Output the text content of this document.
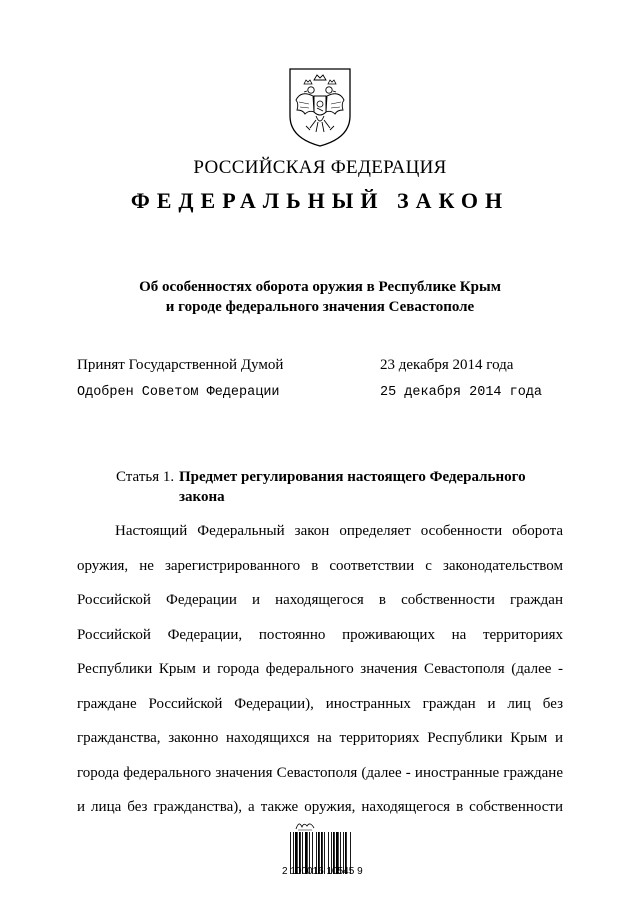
РОССИЙСКАЯ ФЕДЕРАЦИЯ
ФЕДЕРАЛЬНЫЙ ЗАКОН
Об особенностях оборота оружия в Республике Крым
и городе федерального значения Севастополе
Принят Государственной Думой	23 декабря 2014 года
Одобрен Советом Федерации	25 декабря 2014 года
Статья 1. Предмет регулирования настоящего Федерального закона
Настоящий Федеральный закон определяет особенности оборота
оружия, не зарегистрированного в соответствии с законодательством
Российской Федерации и находящегося в собственности граждан
Российской Федерации, постоянно проживающих на территориях
Республики Крым и города федерального значения Севастополя (далее -
граждане Российской Федерации), иностранных граждан и лиц без
гражданства, законно находящихся на территориях Республики Крым и
города федерального значения Севастополя (далее - иностранные граждане
и лица без гражданства), а также оружия, находящегося в собственности
2 100016 10545 9
